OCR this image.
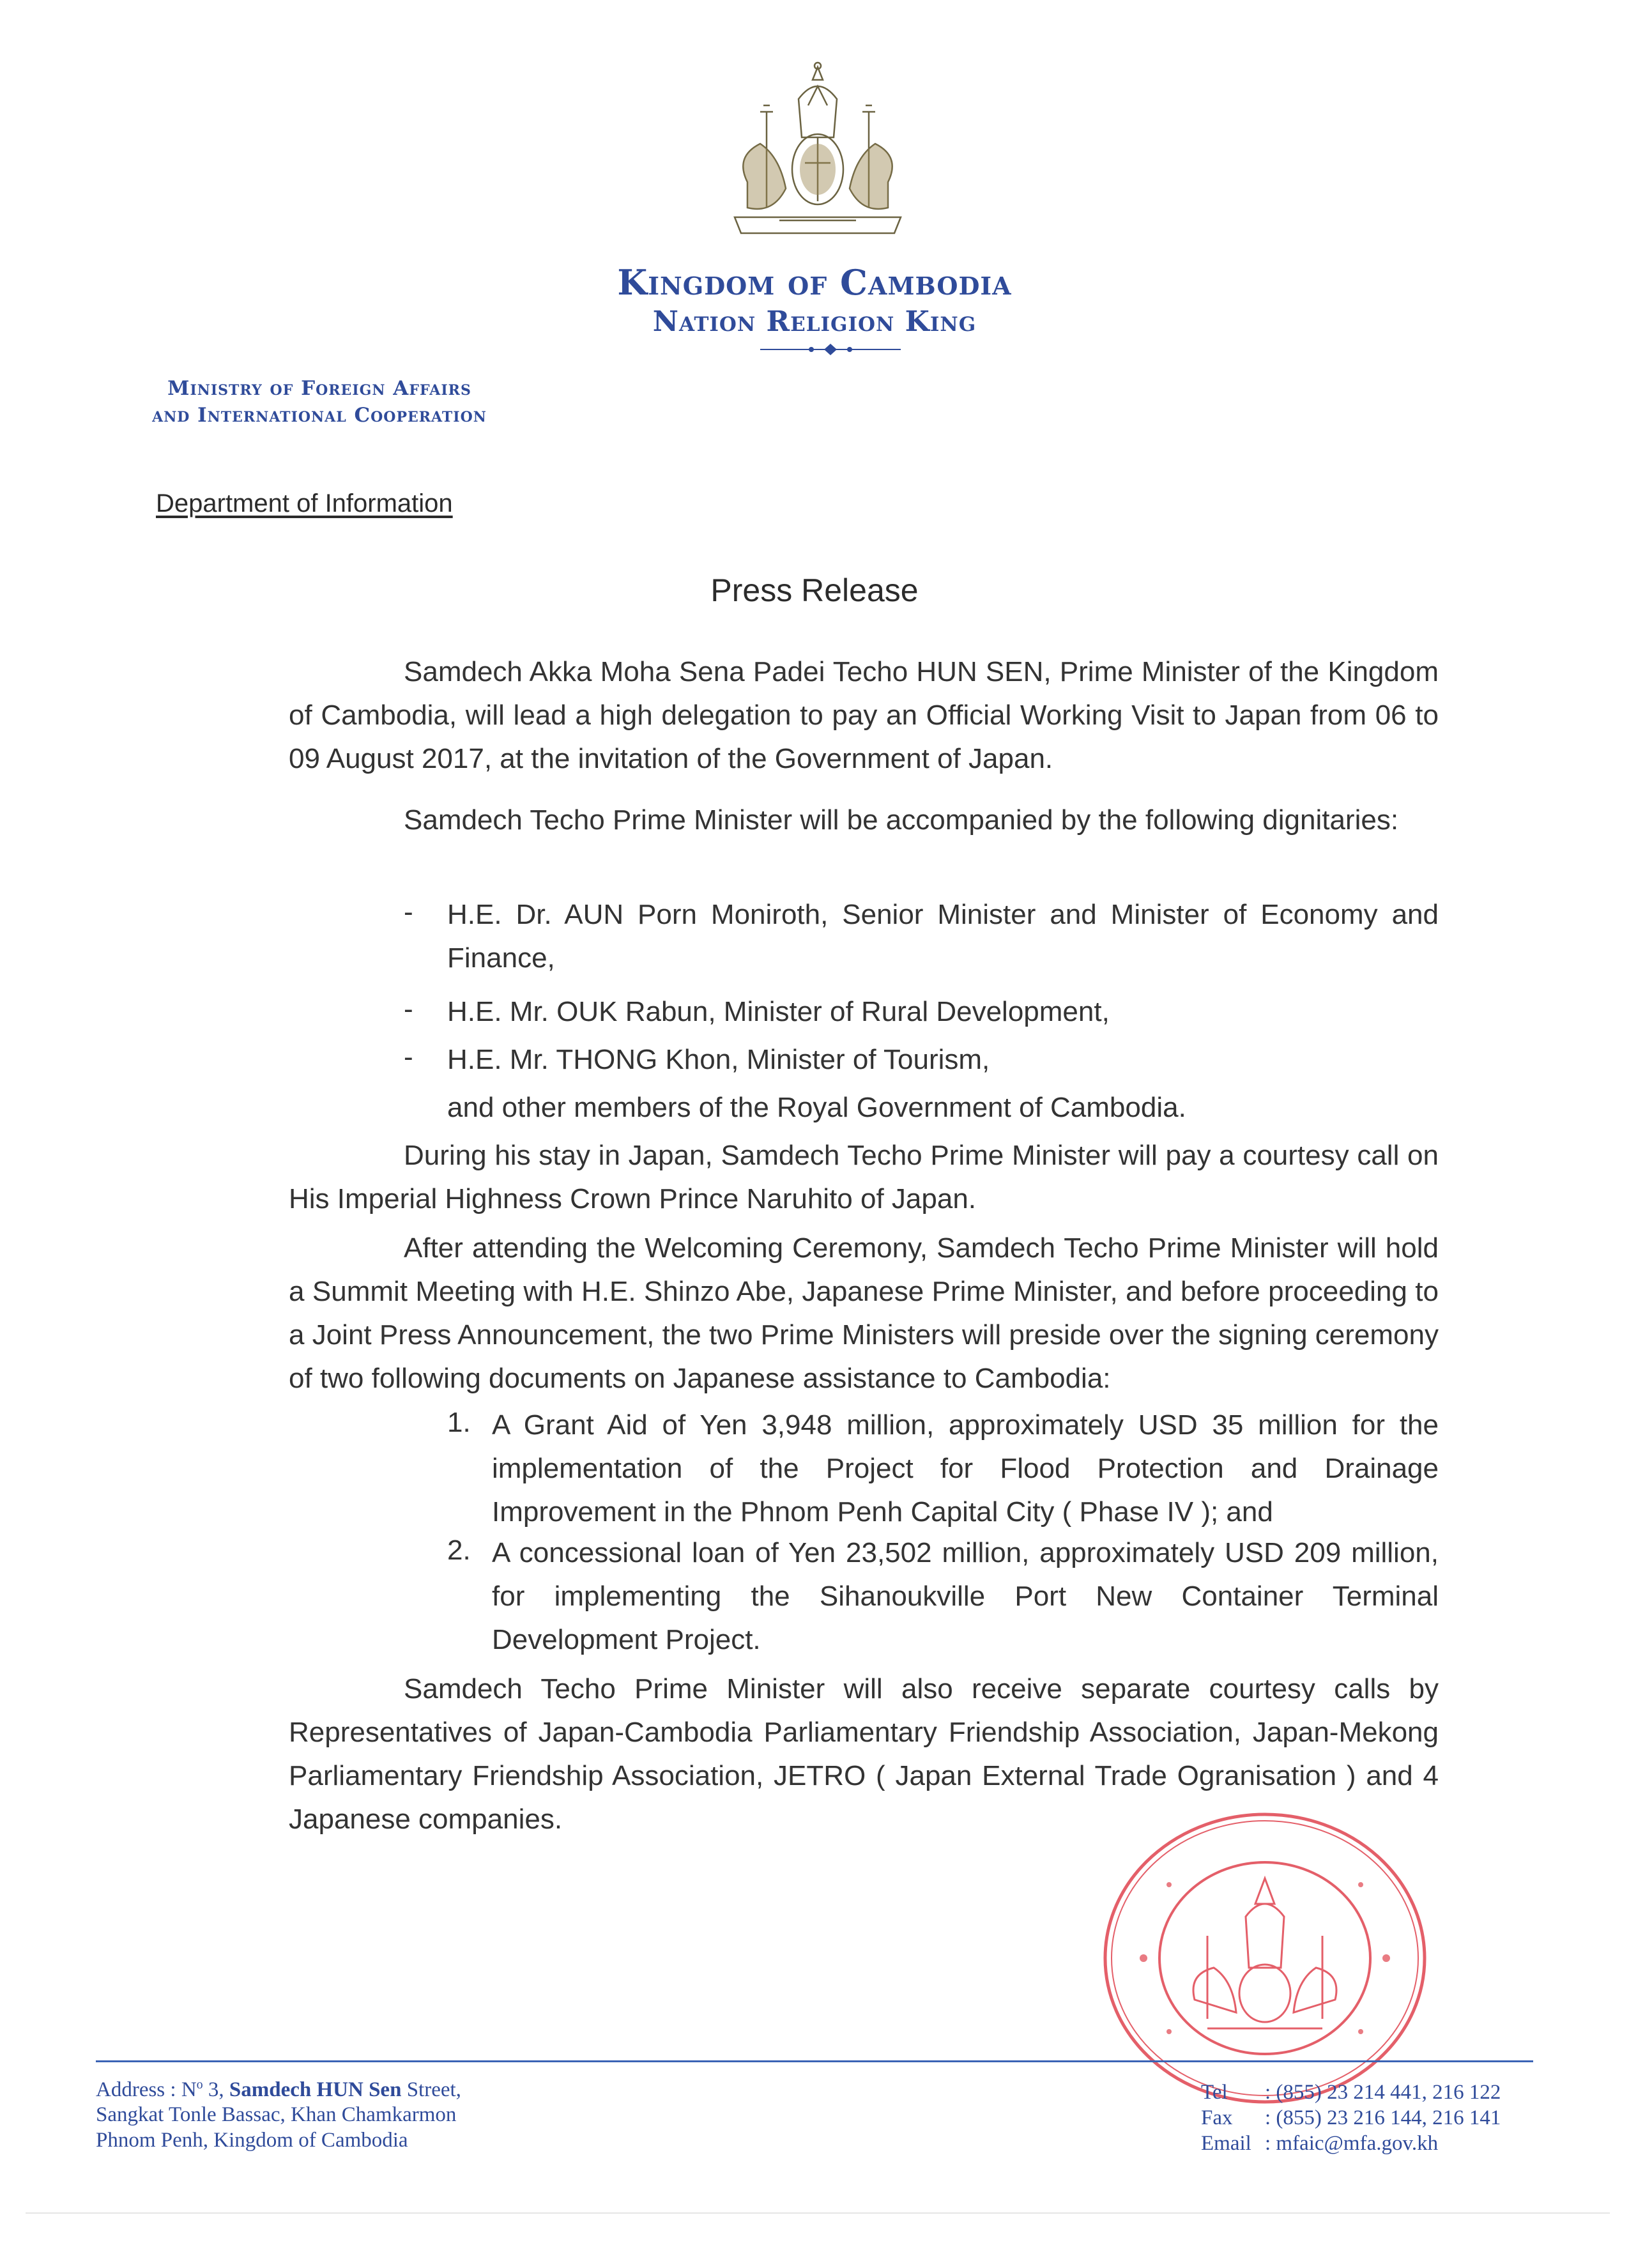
Kingdom of Cambodia
Nation Religion King
Ministry of Foreign Affairs
and International Cooperation
Department of Information
Press Release

Samdech Akka Moha Sena Padei Techo HUN SEN, Prime Minister of the Kingdom of Cambodia, will lead a high delegation to pay an Official Working Visit to Japan from 06 to 09 August 2017, at the invitation of the Government of Japan.

Samdech Techo Prime Minister will be accompanied by the following dignitaries:

- H.E. Dr. AUN Porn Moniroth, Senior Minister and Minister of Economy and Finance,

- H.E. Mr. OUK Rabun, Minister of Rural Development,

- H.E. Mr. THONG Khon, Minister of Tourism,

and other members of the Royal Government of Cambodia.

During his stay in Japan, Samdech Techo Prime Minister will pay a courtesy call on His Imperial Highness Crown Prince Naruhito of Japan.

After attending the Welcoming Ceremony, Samdech Techo Prime Minister will hold a Summit Meeting with H.E. Shinzo Abe, Japanese Prime Minister, and before proceeding to a Joint Press Announcement, the two Prime Ministers will preside over the signing ceremony of two following documents on Japanese assistance to Cambodia:

1. A Grant Aid of Yen 3,948 million, approximately USD 35 million for the implementation of the Project for Flood Protection and Drainage Improvement in the Phnom Penh Capital City ( Phase IV ); and

2. A concessional loan of Yen 23,502 million, approximately USD 209 million, for implementing the Sihanoukville Port New Container Terminal Development Project.

Samdech Techo Prime Minister will also receive separate courtesy calls by Representatives of Japan-Cambodia Parliamentary Friendship Association, Japan-Mekong Parliamentary Friendship Association, JETRO ( Japan External Trade Ogranisation ) and 4 Japanese companies.

Address : $N^o$ 3, Samdech HUN Sen Street,
Sangkat Tonle Bassac, Khan Chamkarmon
Phnom Penh, Kingdom of Cambodia
Tel : (855) 23 214 441, 216 122
Fax : (855) 23 216 144, 216 141
Email : mfaic@mfa.gov.kh
